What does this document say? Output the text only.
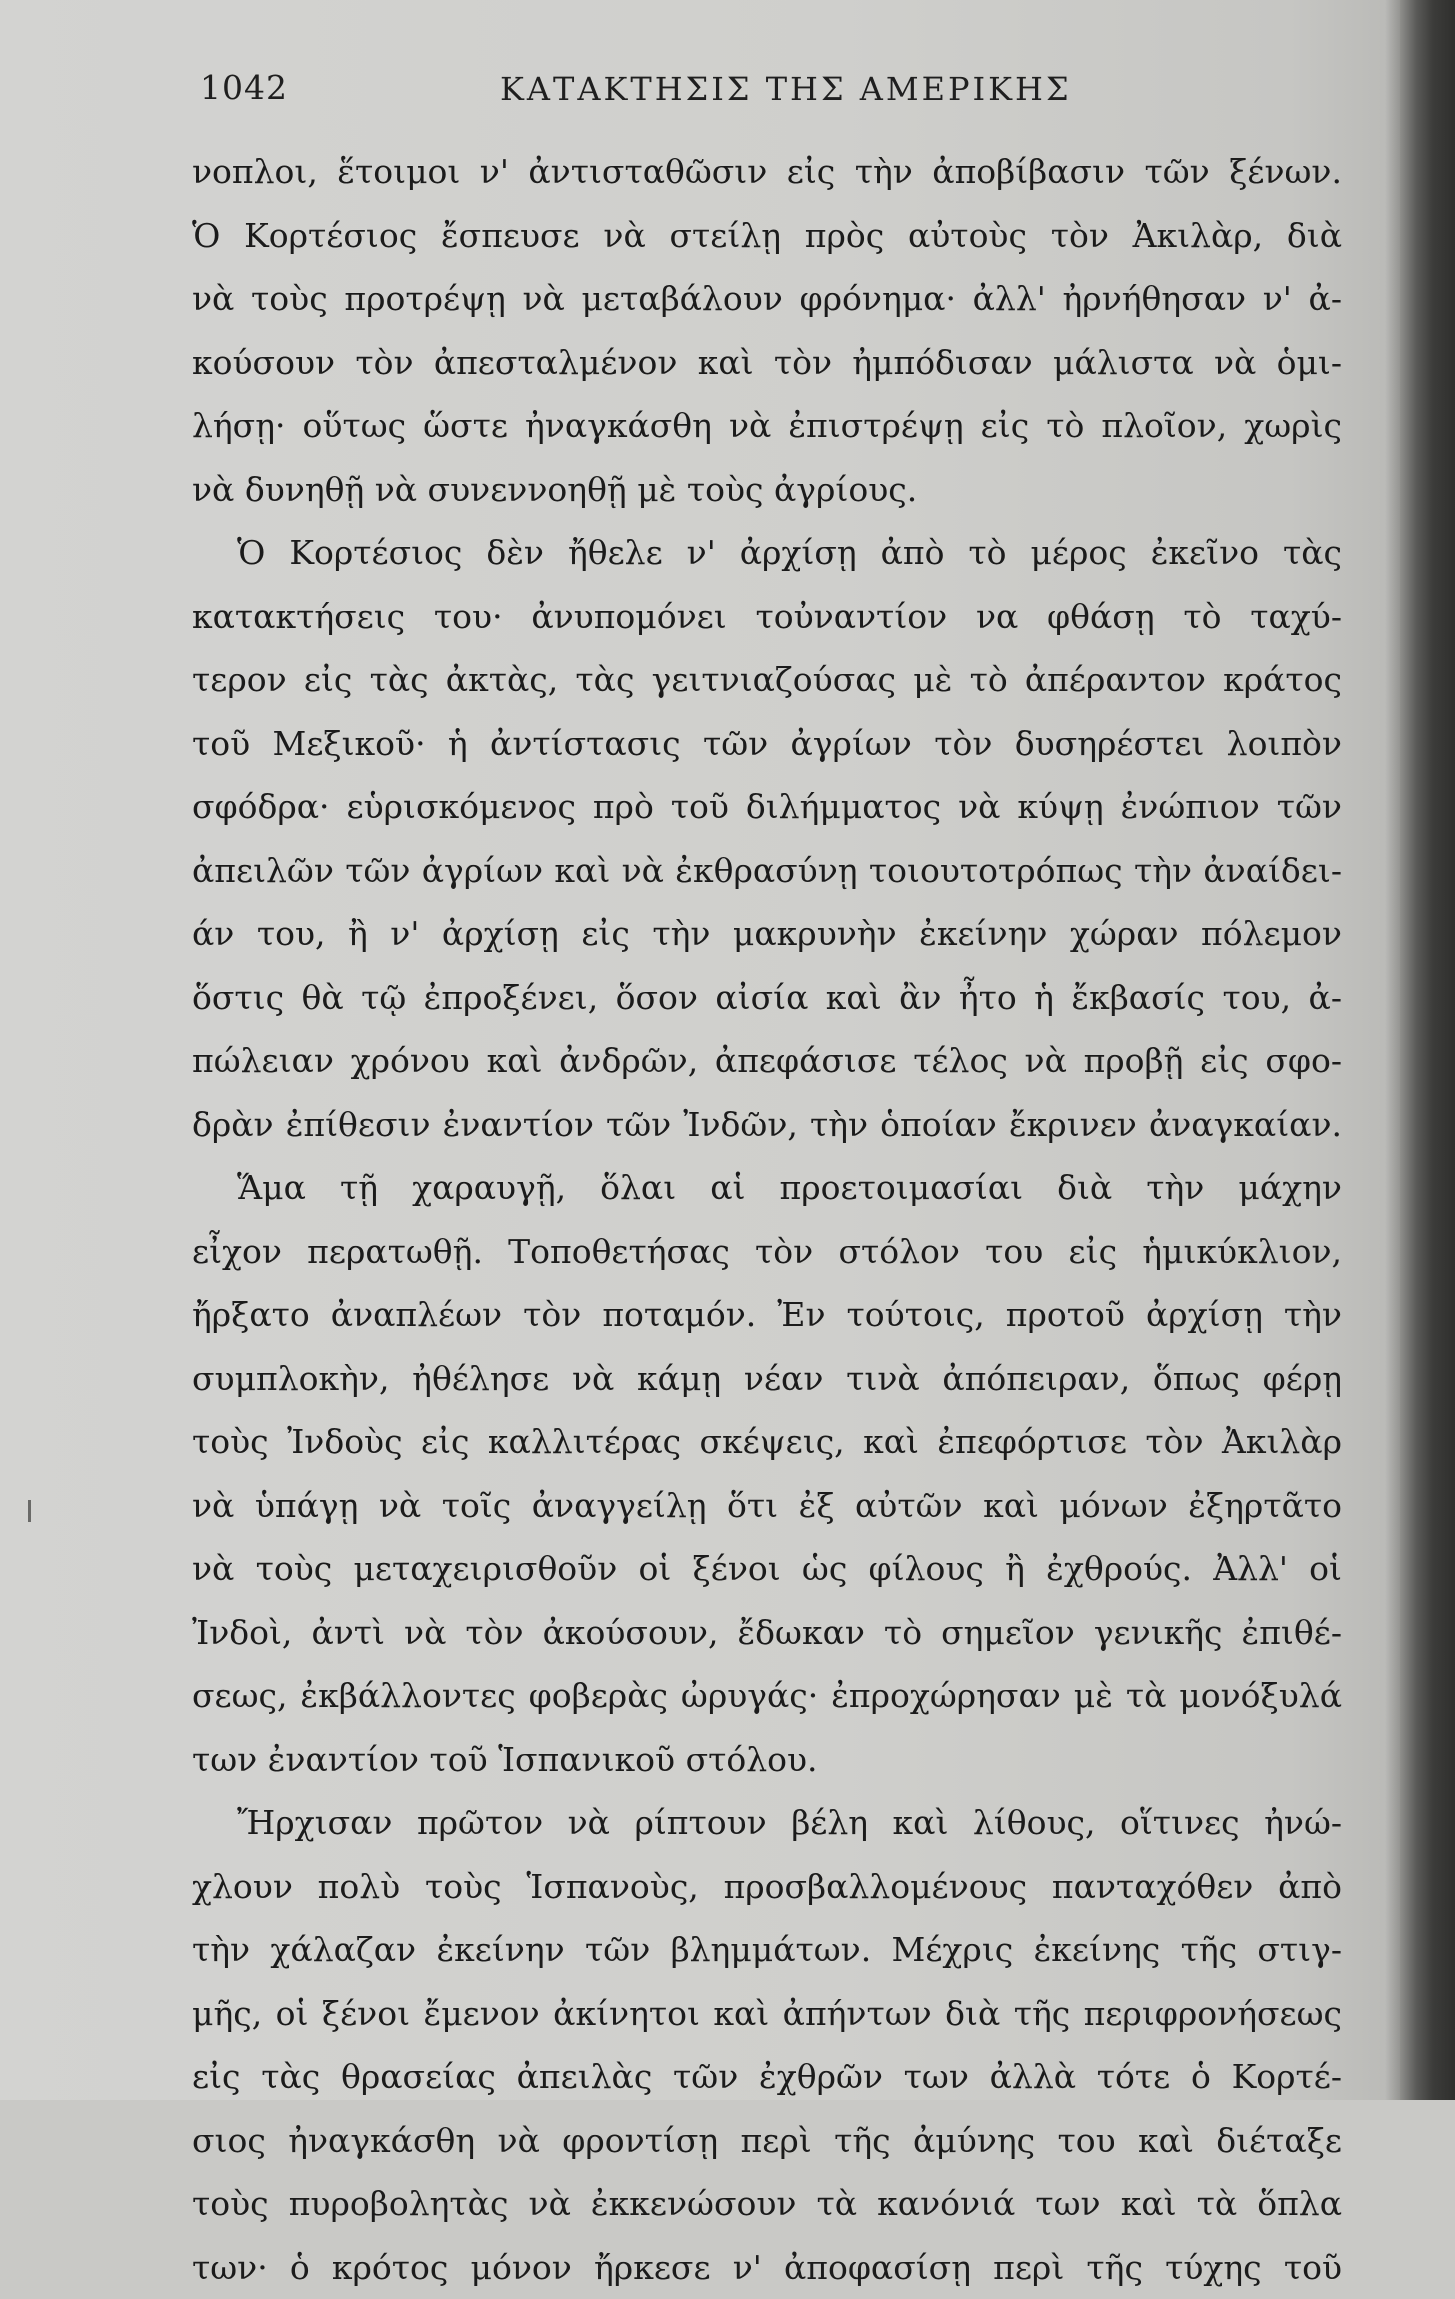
1042	ΚΑΤΑΚΤΗΣΙΣ ΤΗΣ ΑΜΕΡΙΚΗΣ
νοπλοι, ἕτοιμοι ν' ἀντισταθῶσιν εἰς τὴν ἀποβίβασιν τῶν ξένων.
Ὁ Κορτέσιος ἔσπευσε νὰ στείλῃ πρὸς αὐτοὺς τὸν Ἀκιλὰρ, διὰ
νὰ τοὺς προτρέψῃ νὰ μεταβάλουν φρόνημα· ἀλλ' ἠρνήθησαν ν' ἀ-
κούσουν τὸν ἀπεσταλμένον καὶ τὸν ἠμπόδισαν μάλιστα νὰ ὁμι-
λήσῃ· οὕτως ὥστε ἠναγκάσθη νὰ ἐπιστρέψῃ εἰς τὸ πλοῖον, χωρὶς
νὰ δυνηθῇ νὰ συνεννοηθῇ μὲ τοὺς ἀγρίους.
Ὁ Κορτέσιος δὲν ἤθελε ν' ἀρχίσῃ ἀπὸ τὸ μέρος ἐκεῖνο τὰς
κατακτήσεις του· ἀνυπομόνει τοὐναντίον να φθάσῃ τὸ ταχύ-
τερον εἰς τὰς ἀκτὰς, τὰς γειτνιαζούσας μὲ τὸ ἀπέραντον κράτος
τοῦ Μεξικοῦ· ἡ ἀντίστασις τῶν ἀγρίων τὸν δυσηρέστει λοιπὸν
σφόδρα· εὑρισκόμενος πρὸ τοῦ διλήμματος νὰ κύψῃ ἐνώπιον τῶν
ἀπειλῶν τῶν ἀγρίων καὶ νὰ ἐκθρασύνῃ τοιουτοτρόπως τὴν ἀναίδει-
άν του, ἢ ν' ἀρχίσῃ εἰς τὴν μακρυνὴν ἐκείνην χώραν πόλεμον
ὅστις θὰ τῷ ἐπροξένει, ὅσον αἰσία καὶ ἂν ἦτο ἡ ἔκβασίς του, ἀ-
πώλειαν χρόνου καὶ ἀνδρῶν, ἀπεφάσισε τέλος νὰ προβῇ εἰς σφο-
δρὰν ἐπίθεσιν ἐναντίον τῶν Ἰνδῶν, τὴν ὁποίαν ἔκρινεν ἀναγκαίαν.
Ἅμα τῇ χαραυγῇ, ὅλαι αἱ προετοιμασίαι διὰ τὴν μάχην
εἶχον περατωθῇ. Τοποθετήσας τὸν στόλον του εἰς ἡμικύκλιον,
ἤρξατο ἀναπλέων τὸν ποταμόν. Ἐν τούτοις, προτοῦ ἀρχίσῃ τὴν
συμπλοκὴν, ἠθέλησε νὰ κάμῃ νέαν τινὰ ἀπόπειραν, ὅπως φέρῃ
τοὺς Ἰνδοὺς εἰς καλλιτέρας σκέψεις, καὶ ἐπεφόρτισε τὸν Ἀκιλὰρ
νὰ ὑπάγῃ νὰ τοῖς ἀναγγείλῃ ὅτι ἐξ αὐτῶν καὶ μόνων ἐξηρτᾶτο
νὰ τοὺς μεταχειρισθοῦν οἱ ξένοι ὡς φίλους ἢ ἐχθρούς. Ἀλλ' οἱ
Ἰνδοὶ, ἀντὶ νὰ τὸν ἀκούσουν, ἔδωκαν τὸ σημεῖον γενικῆς ἐπιθέ-
σεως, ἐκβάλλοντες φοβερὰς ὠρυγάς· ἐπροχώρησαν μὲ τὰ μονόξυλά
των ἐναντίον τοῦ Ἱσπανικοῦ στόλου.
Ἤρχισαν πρῶτον νὰ ρίπτουν βέλη καὶ λίθους, οἵτινες ἠνώ-
χλουν πολὺ τοὺς Ἱσπανοὺς, προσβαλλομένους πανταχόθεν ἀπὸ
τὴν χάλαζαν ἐκείνην τῶν βλημμάτων. Μέχρις ἐκείνης τῆς στιγ-
μῆς, οἱ ξένοι ἔμενον ἀκίνητοι καὶ ἀπήντων διὰ τῆς περιφρονήσεως
εἰς τὰς θρασείας ἀπειλὰς τῶν ἐχθρῶν των ἀλλὰ τότε ὁ Κορτέ-
σιος ἠναγκάσθη νὰ φροντίσῃ περὶ τῆς ἀμύνης του καὶ διέταξε
τοὺς πυροβολητὰς νὰ ἐκκενώσουν τὰ κανόνιά των καὶ τὰ ὅπλα
των· ὁ κρότος μόνον ἤρκεσε ν' ἀποφασίσῃ περὶ τῆς τύχης τοῦ
